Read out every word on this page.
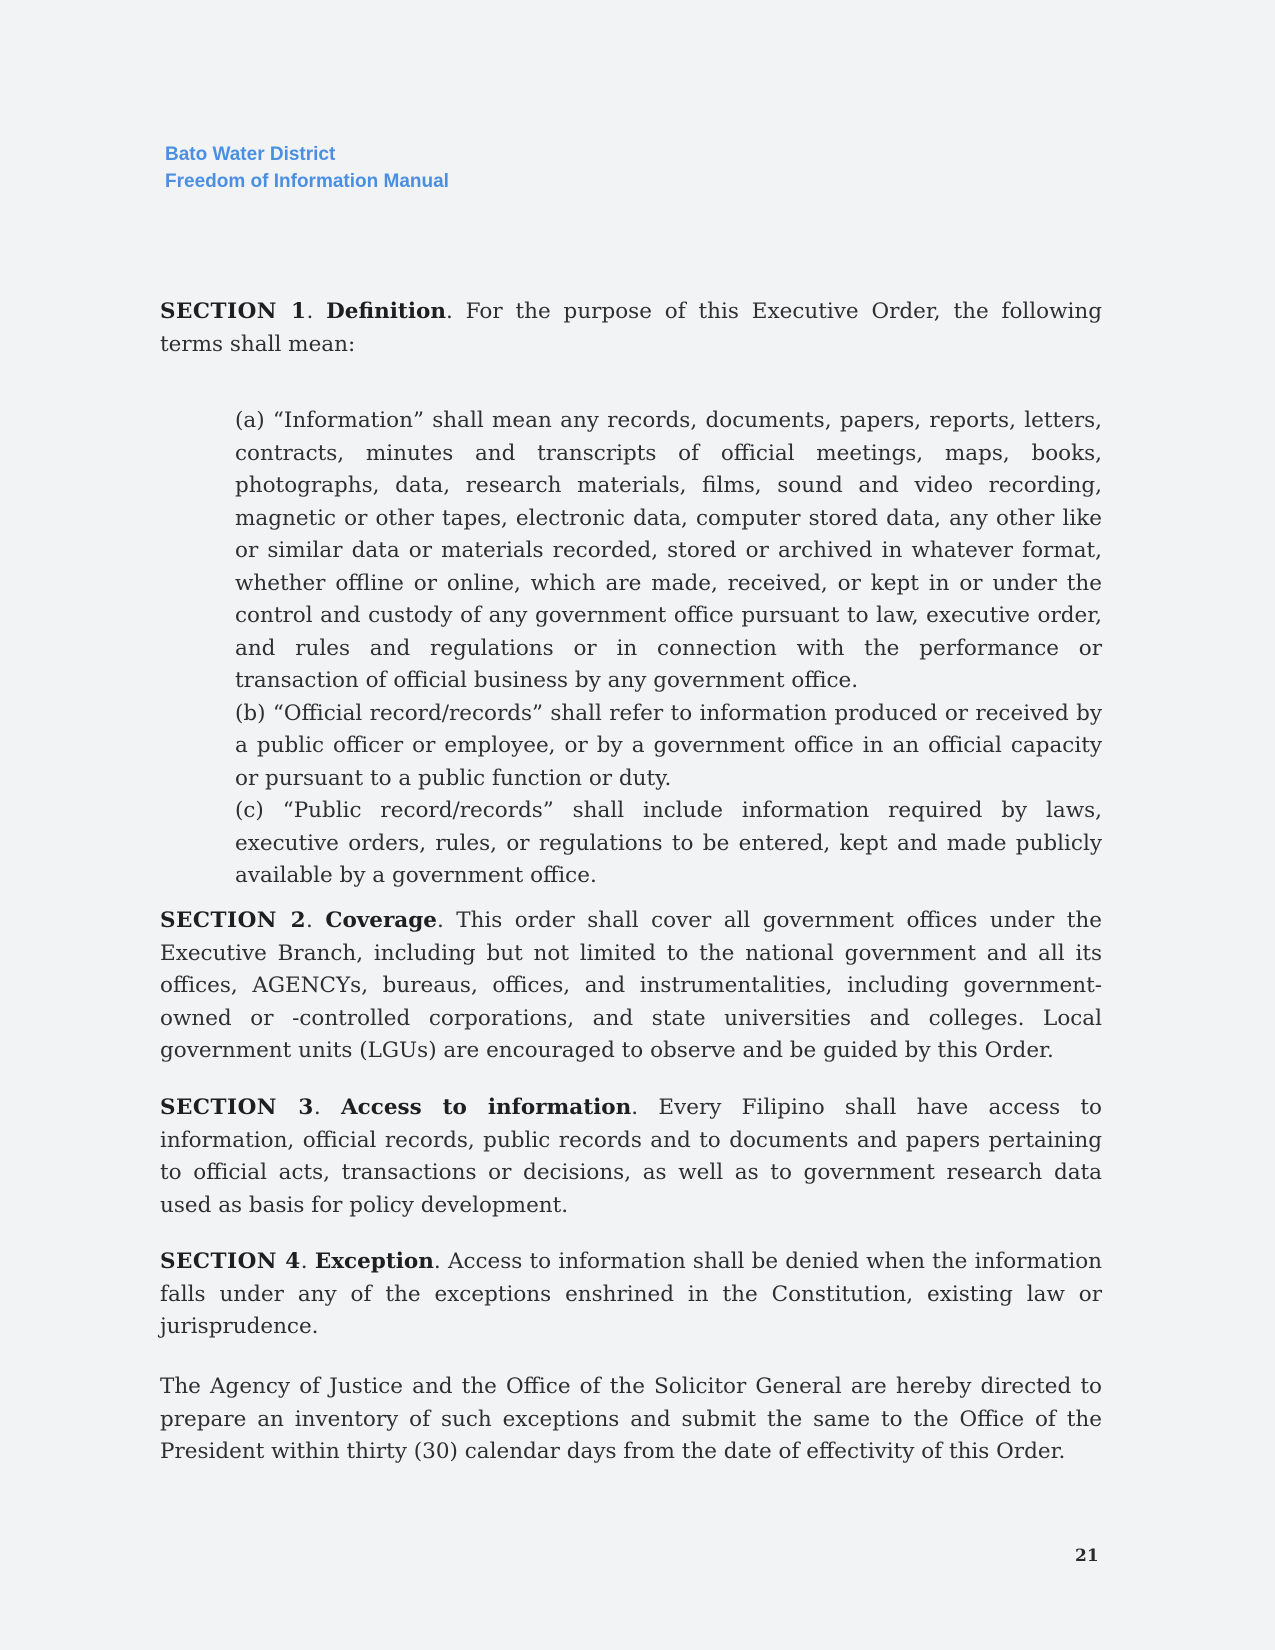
Bato Water District
Freedom of Information Manual

SECTION 1. Definition. For the purpose of this Executive Order, the following terms shall mean:

(a) “Information” shall mean any records, documents, papers, reports, letters, contracts, minutes and transcripts of official meetings, maps, books, photographs, data, research materials, films, sound and video recording, magnetic or other tapes, electronic data, computer stored data, any other like or similar data or materials recorded, stored or archived in whatever format, whether offline or online, which are made, received, or kept in or under the control and custody of any government office pursuant to law, executive order, and rules and regulations or in connection with the performance or transaction of official business by any government office.

(b) “Official record/records” shall refer to information produced or received by a public officer or employee, or by a government office in an official capacity or pursuant to a public function or duty.

(c) “Public record/records” shall include information required by laws, executive orders, rules, or regulations to be entered, kept and made publicly available by a government office.

SECTION 2. Coverage. This order shall cover all government offices under the Executive Branch, including but not limited to the national government and all its offices, AGENCYs, bureaus, offices, and instrumentalities, including government-owned or -controlled corporations, and state universities and colleges. Local government units (LGUs) are encouraged to observe and be guided by this Order.

SECTION 3. Access to information. Every Filipino shall have access to information, official records, public records and to documents and papers pertaining to official acts, transactions or decisions, as well as to government research data used as basis for policy development.

SECTION 4. Exception. Access to information shall be denied when the information falls under any of the exceptions enshrined in the Constitution, existing law or jurisprudence.

The Agency of Justice and the Office of the Solicitor General are hereby directed to prepare an inventory of such exceptions and submit the same to the Office of the President within thirty (30) calendar days from the date of effectivity of this Order.

21
